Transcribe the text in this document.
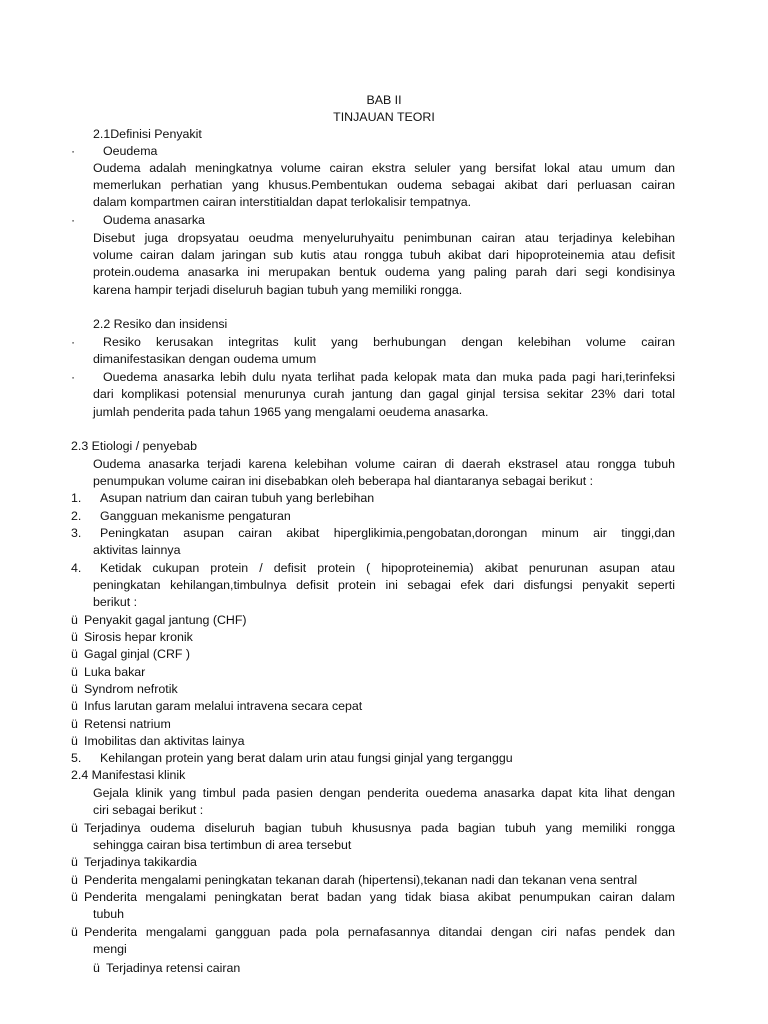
BAB II
TINJAUAN TEORI
2.1Definisi Penyakit
· Oeudema
Oudema adalah meningkatnya volume cairan ekstra seluler yang bersifat lokal atau umum dan
memerlukan perhatian yang khusus.Pembentukan oudema sebagai akibat dari perluasan cairan
dalam kompartmen cairan interstitialdan dapat terlokalisir tempatnya.
· Oudema anasarka
Disebut juga dropsyatau oeudma menyeluruhyaitu penimbunan cairan atau terjadinya kelebihan
volume cairan dalam jaringan sub kutis atau rongga tubuh akibat dari hipoproteinemia atau defisit
protein.oudema anasarka ini merupakan bentuk oudema yang paling parah dari segi kondisinya
karena hampir terjadi diseluruh bagian tubuh yang memiliki rongga.
2.2 Resiko dan insidensi
· Resiko kerusakan integritas kulit yang berhubungan dengan kelebihan volume cairan
dimanifestasikan dengan oudema umum
· Ouedema anasarka lebih dulu nyata terlihat pada kelopak mata dan muka pada pagi hari,terinfeksi
dari komplikasi potensial menurunya curah jantung dan gagal ginjal tersisa sekitar 23% dari total
jumlah penderita pada tahun 1965 yang mengalami oeudema anasarka.
2.3 Etiologi / penyebab
Oudema anasarka terjadi karena kelebihan volume cairan di daerah ekstrasel atau rongga tubuh
penumpukan volume cairan ini disebabkan oleh beberapa hal diantaranya sebagai berikut :
1. Asupan natrium dan cairan tubuh yang berlebihan
2. Gangguan mekanisme pengaturan
3. Peningkatan asupan cairan akibat hiperglikimia,pengobatan,dorongan minum air tinggi,dan
aktivitas lainnya
4. Ketidak cukupan protein / defisit protein ( hipoproteinemia) akibat penurunan asupan atau
peningkatan kehilangan,timbulnya defisit protein ini sebagai efek dari disfungsi penyakit seperti
berikut :
ü Penyakit gagal jantung (CHF)
ü Sirosis hepar kronik
ü Gagal ginjal (CRF )
ü Luka bakar
ü Syndrom nefrotik
ü Infus larutan garam melalui intravena secara cepat
ü Retensi natrium
ü Imobilitas dan aktivitas lainya
5. Kehilangan protein yang berat dalam urin atau fungsi ginjal yang terganggu
2.4 Manifestasi klinik
Gejala klinik yang timbul pada pasien dengan penderita ouedema anasarka dapat kita lihat dengan
ciri sebagai berikut :
ü Terjadinya oudema diseluruh bagian tubuh khususnya pada bagian tubuh yang memiliki rongga
sehingga cairan bisa tertimbun di area tersebut
ü Terjadinya takikardia
ü Penderita mengalami peningkatan tekanan darah (hipertensi),tekanan nadi dan tekanan vena sentral
ü Penderita mengalami peningkatan berat badan yang tidak biasa akibat penumpukan cairan dalam
tubuh
ü Penderita mengalami gangguan pada pola pernafasannya ditandai dengan ciri nafas pendek dan
mengi
ü Terjadinya retensi cairan
